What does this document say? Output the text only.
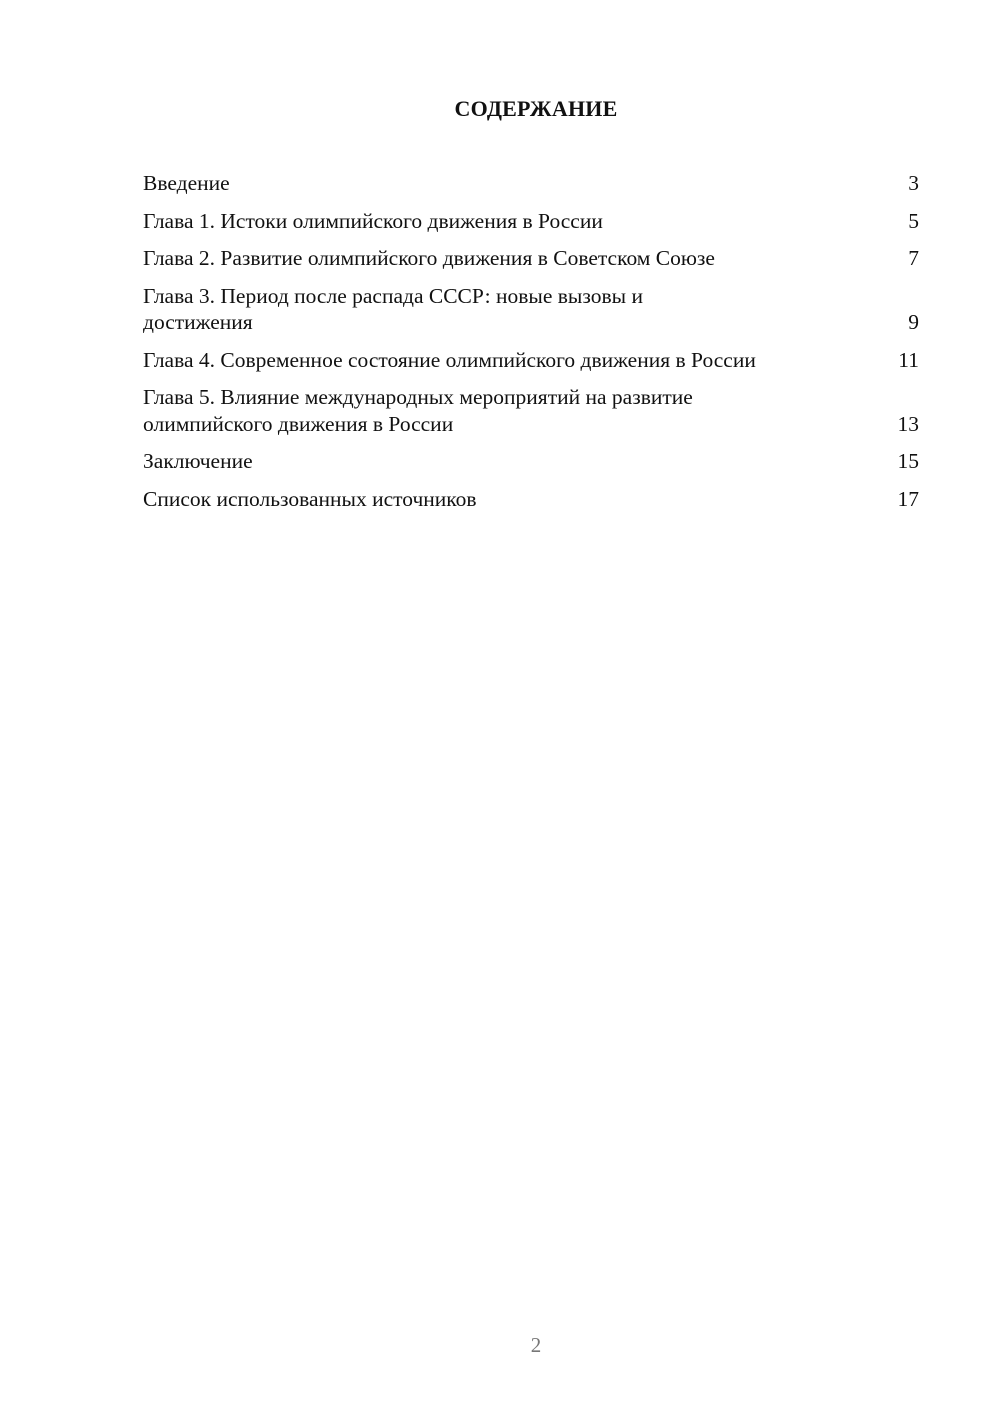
СОДЕРЖАНИЕ
Введение	3
Глава 1. Истоки олимпийского движения в России	5
Глава 2. Развитие олимпийского движения в Советском Союзе	7
Глава 3. Период после распада СССР: новые вызовы и достижения	9
Глава 4. Современное состояние олимпийского движения в России	11
Глава 5. Влияние международных мероприятий на развитие олимпийского движения в России	13
Заключение	15
Список использованных источников	17
2
